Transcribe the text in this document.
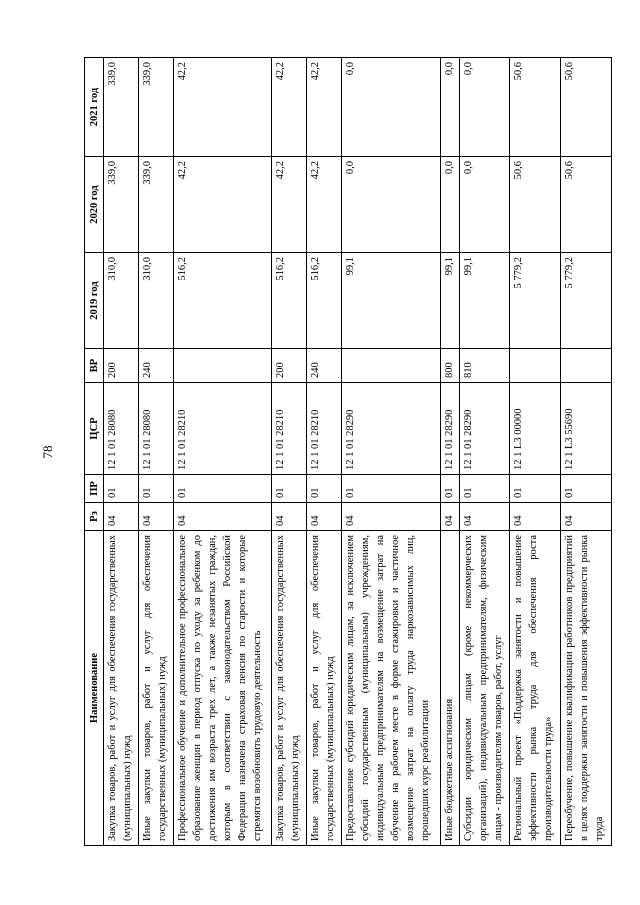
78
Наименование	Рз	ПР	ЦСР	ВР	2019 год	2020 год	2021 год
Закупка товаров, работ и услуг для обеспечения государственных (муниципальных) нужд	04	01	12 1 01 28080	200	310,0	339,0	339,0
Иные закупки товаров, работ и услуг для обеспечения государственных (муниципальных) нужд	04	01	12 1 01 28080	240	310,0	339,0	339,0
Профессиональное обучение и дополнительное профессиональное образование женщин в период отпуска по уходу за ребенком до достижения им возраста трех лет, а также незанятых граждан, которым в соответствии с законодательством Российской Федерации назначена страховая пенсия по старости и которые стремятся возобновить трудовую деятельность	04	01	12 1 01 28210		516,2	42,2	42,2
Закупка товаров, работ и услуг для обеспечения государственных (муниципальных) нужд	04	01	12 1 01 28210	200	516,2	42,2	42,2
Иные закупки товаров, работ и услуг для обеспечения государственных (муниципальных) нужд	04	01	12 1 01 28210	240	516,2	42,2	42,2
Предоставление субсидий юридическим лицам, за исключением субсидий государственным (муниципальным) учреждениям, индивидуальным предпринимателям на возмещение затрат на обучение на рабочем месте в форме стажировки и частичное возмещение затрат на оплату труда наркозависимых лиц, прошедших курс реабилитации	04	01	12 1 01 28290		99,1	0,0	0,0
Иные бюджетные ассигнования	04	01	12 1 01 28290	800	99,1	0,0	0,0
Субсидии юридическим лицам (кроме некоммерческих организаций), индивидуальным предпринимателям, физическим лицам - производителям товаров, работ, услуг	04	01	12 1 01 28290	810	99,1	0,0	0,0
Региональный проект «Поддержка занятости и повышение эффективности рынка труда для обеспечения роста производительности труда»	04	01	12 1 L3 00000		5 779,2	50,6	50,6
Переобучение, повышение квалификации работников предприятий в целях поддержки занятости и повышения эффективности рынка труда	04	01	12 1 L3 55690		5 779,2	50,6	50,6
